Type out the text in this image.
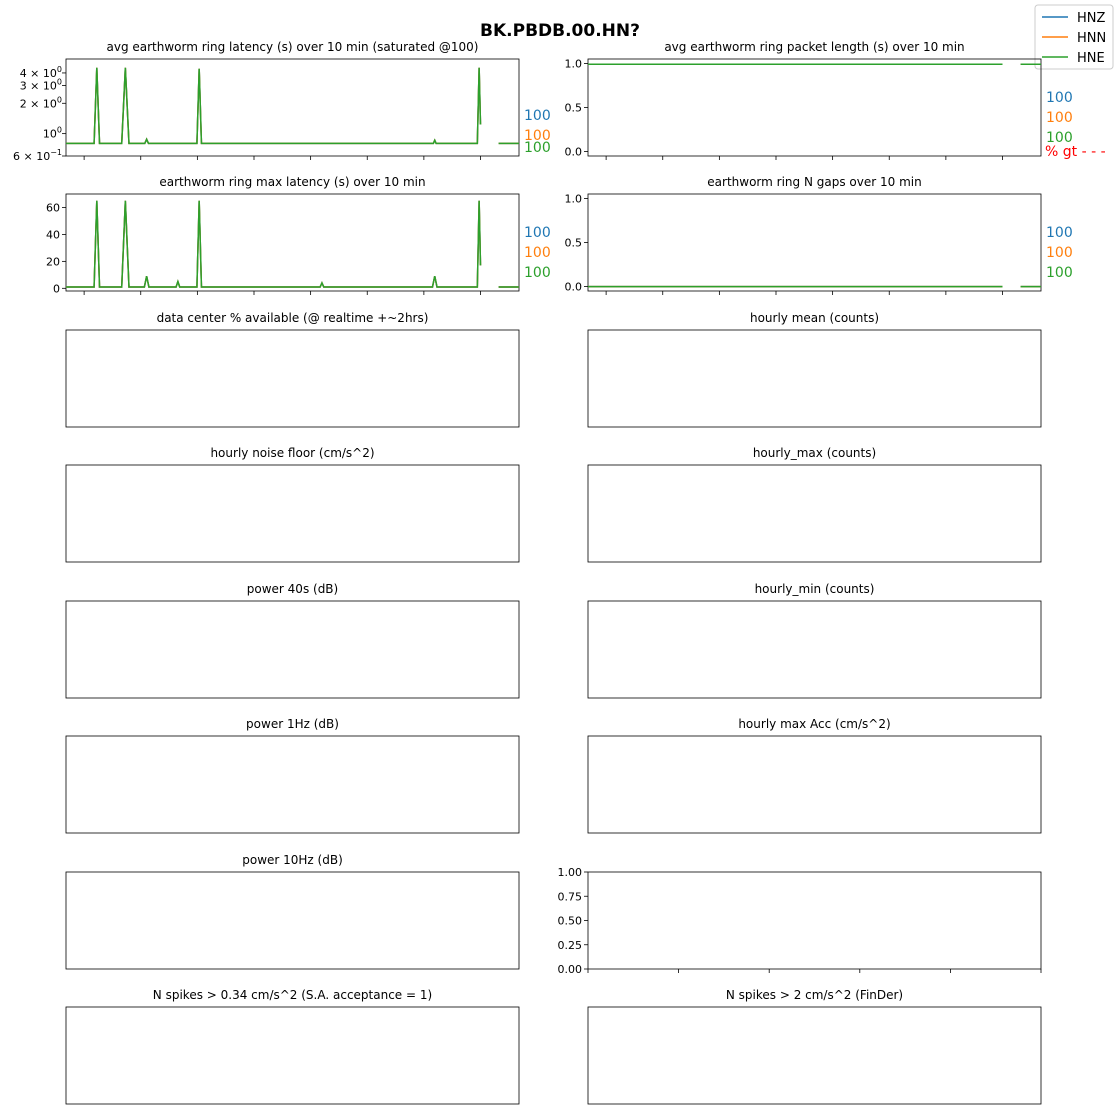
BK.PBDB.00.HN?
HNZ
HNN
HNE
avg earthworm ring latency (s) over 10 min (saturated @100)
$4 \times 10^0$
$3 \times 10^0$
$2 \times 10^0$
$10^0$
$6 \times 10^{-1}$
100
100
100
avg earthworm ring packet length (s) over 10 min
1.0
0.5
0.0
100
100
100
earthworm ring max latency (s) over 10 min
60
40
20
0
100
100
100
earthworm ring N gaps over 10 min
1.0
0.5
0.0
100
100
100
data center % available (@ realtime +~2hrs)	hourly mean (counts)
hourly noise floor (cm/s^2)	hourly_max (counts)
power 40s (dB)	hourly_min (counts)
power 1Hz (dB)	hourly max Acc (cm/s^2)
power 10Hz (dB)
1.00
0.75
0.50
0.25
0.00
N spikes > 0.34 cm/s^2 (S.A. acceptance = 1)	N spikes > 2 cm/s^2 (FinDer)
% gt - - -
